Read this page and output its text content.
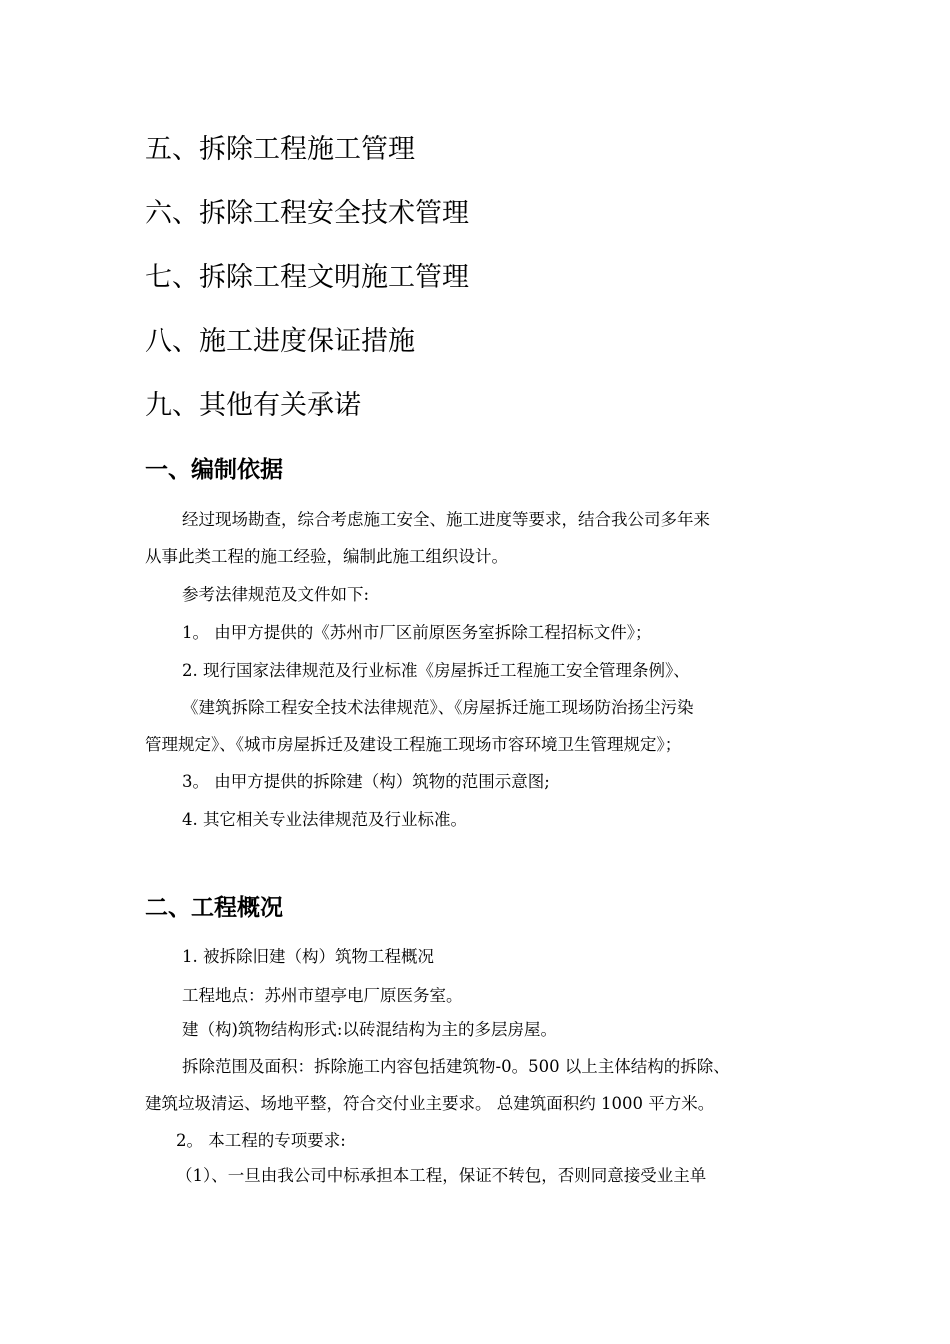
五、拆除工程施工管理
六、拆除工程安全技术管理
七、拆除工程文明施工管理
八、施工进度保证措施
九、其他有关承诺
一、编制依据
经过现场勘查，综合考虑施工安全、施工进度等要求，结合我公司多年来
从事此类工程的施工经验，编制此施工组织设计。
参考法律规范及文件如下:
1。 由甲方提供的《苏州市厂区前原医务室拆除工程招标文件》；
2. 现行国家法律规范及行业标准《房屋拆迁工程施工安全管理条例》、
《建筑拆除工程安全技术法律规范》、《房屋拆迁施工现场防治扬尘污染
管理规定》、《城市房屋拆迁及建设工程施工现场市容环境卫生管理规定》；
3。 由甲方提供的拆除建（构）筑物的范围示意图;
4. 其它相关专业法律规范及行业标准。
二、工程概况
1. 被拆除旧建（构）筑物工程概况
工程地点：苏州市望亭电厂原医务室。
建（构)筑物结构形式:以砖混结构为主的多层房屋。
拆除范围及面积：拆除施工内容包括建筑物-0。500 以上主体结构的拆除、
建筑垃圾清运、场地平整，符合交付业主要求。 总建筑面积约 1000 平方米。
2。 本工程的专项要求:
（1）、一旦由我公司中标承担本工程，保证不转包，否则同意接受业主单
